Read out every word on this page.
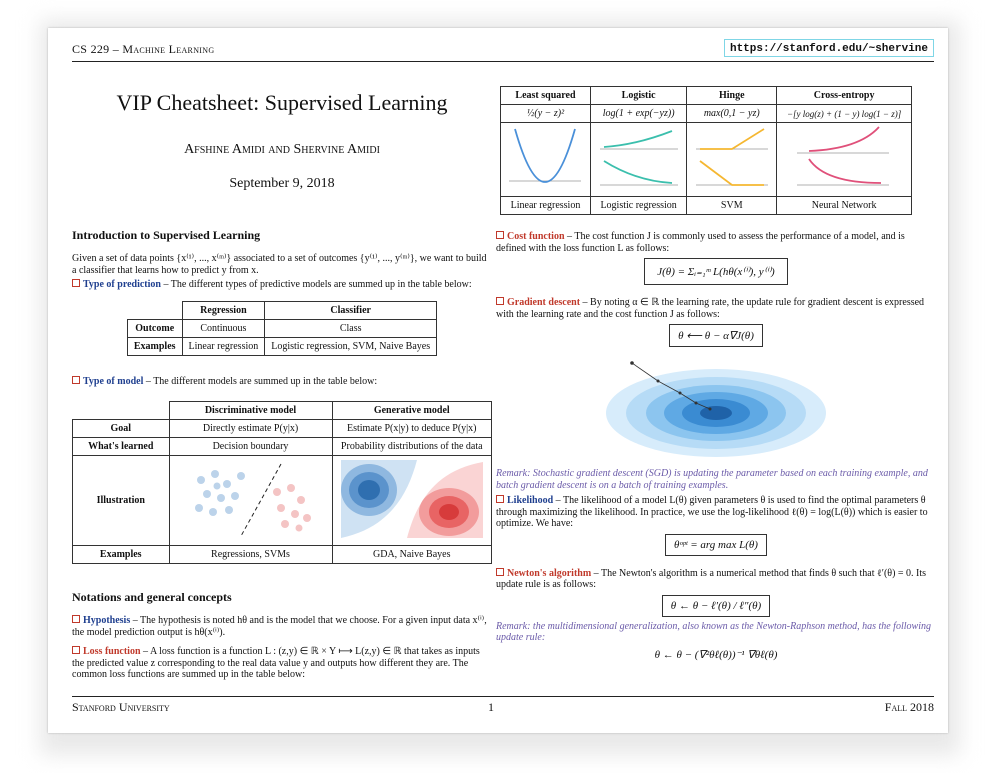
CS 229 – Machine Learning	https://stanford.edu/~shervine
VIP Cheatsheet: Supervised Learning
Afshine Amidi and Shervine Amidi
September 9, 2018
Introduction to Supervised Learning

Given a set of data points {x⁽¹⁾, ..., x⁽ᵐ⁾} associated to a set of outcomes {y⁽¹⁾, ..., y⁽ᵐ⁾}, we want to build a classifier that learns how to predict y from x.

Type of prediction – The different types of predictive models are summed up in the table below:

	Regression	Classifier
Outcome	Continuous	Class
Examples	Linear regression	Logistic regression, SVM, Naive Bayes

Type of model – The different models are summed up in the table below:

	Discriminative model	Generative model
Goal	Directly estimate P(y|x)	Estimate P(x|y) to deduce P(y|x)
What's learned	Decision boundary	Probability distributions of the data
Illustration		
Examples	Regressions, SVMs	GDA, Naive Bayes
Notations and general concepts

Hypothesis – The hypothesis is noted hθ and is the model that we choose. For a given input data x⁽ⁱ⁾, the model prediction output is hθ(x⁽ⁱ⁾).

Loss function – A loss function is a function L : (z,y) ∈ ℝ × Y ⟼ L(z,y) ∈ ℝ that takes as inputs the predicted value z corresponding to the real data value y and outputs how different they are. The common loss functions are summed up in the table below:

Least squared	Logistic	Hinge	Cross-entropy
½(y − z)²	log(1 + exp(−yz))	max(0,1 − yz)	−[y log(z) + (1 − y) log(1 − z)]

Linear regression	Logistic regression	SVM	Neural Network

Cost function – The cost function J is commonly used to assess the performance of a model, and is defined with the loss function L as follows:

J(θ) = Σᵢ₌₁ᵐ L(hθ(x⁽ⁱ⁾), y⁽ⁱ⁾)

Gradient descent – By noting α ∈ ℝ the learning rate, the update rule for gradient descent is expressed with the learning rate and the cost function J as follows:

θ ⟵ θ − α∇J(θ)
Remark: Stochastic gradient descent (SGD) is updating the parameter based on each training example, and batch gradient descent is on a batch of training examples.

Likelihood – The likelihood of a model L(θ) given parameters θ is used to find the optimal parameters θ through maximizing the likelihood. In practice, we use the log-likelihood ℓ(θ) = log(L(θ)) which is easier to optimize. We have:

θᵒᵖᵗ = arg max L(θ)

Newton's algorithm – The Newton's algorithm is a numerical method that finds θ such that ℓ′(θ) = 0. Its update rule is as follows:

θ ← θ − ℓ′(θ) / ℓ″(θ)
Remark: the multidimensional generalization, also known as the Newton-Raphson method, has the following update rule:
θ ← θ − (∇²θℓ(θ))⁻¹ ∇θℓ(θ)
Stanford University	1	Fall 2018
